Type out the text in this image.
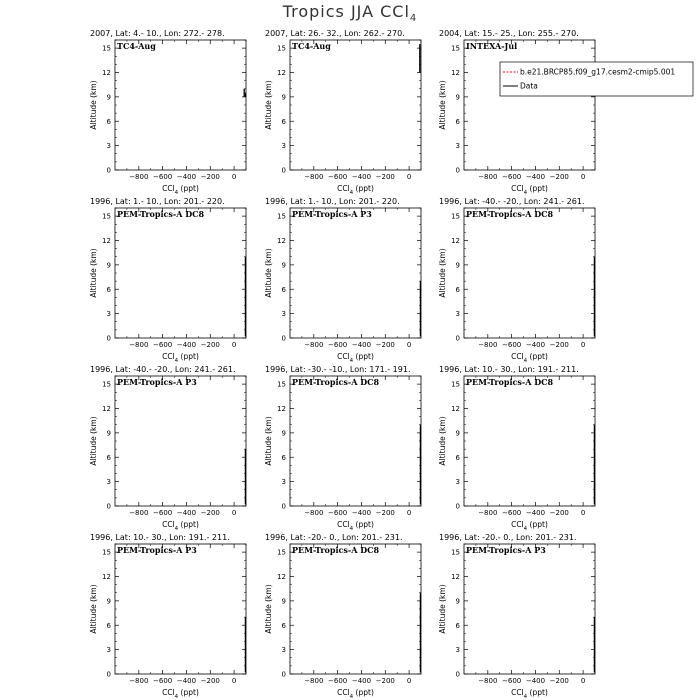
Tropics JJA CCl$_4$
2007, Lat: 4.- 10., Lon: 272.- 278.
TC4-Aug
−800 −600 −400 −200 0
0
3
6
9
12
15
CCl$_4$ (ppt)
Altitude (km)
2007, Lat: 26.- 32., Lon: 262.- 270.
TC4-Aug
−800 −600 −400 −200 0
0
3
6
9
12
15
CCl$_4$ (ppt)
Altitude (km)
2004, Lat: 15.- 25., Lon: 255.- 270.
INTEXA-Jul
−800 −600 −400 −200 0
0
3
6
9
12
15
CCl$_4$ (ppt)
Altitude (km)
b.e21.BRCP85.f09_g17.cesm2-cmip5.001
Data
1996, Lat: 1.- 10., Lon: 201.- 220.
PEM-Tropics-A DC8
−800 −600 −400 −200 0
0
3
6
9
12
15
CCl$_4$ (ppt)
Altitude (km)
1996, Lat: 1.- 10., Lon: 201.- 220.
PEM-Tropics-A P3
−800 −600 −400 −200 0
0
3
6
9
12
15
CCl$_4$ (ppt)
Altitude (km)
1996, Lat: -40.- -20., Lon: 241.- 261.
PEM-Tropics-A DC8
−800 −600 −400 −200 0
0
3
6
9
12
15
CCl$_4$ (ppt)
Altitude (km)
1996, Lat: -40.- -20., Lon: 241.- 261.
PEM-Tropics-A P3
−800 −600 −400 −200 0
0
3
6
9
12
15
CCl$_4$ (ppt)
Altitude (km)
1996, Lat: -30.- -10., Lon: 171.- 191.
PEM-Tropics-A DC8
−800 −600 −400 −200 0
0
3
6
9
12
15
CCl$_4$ (ppt)
Altitude (km)
1996, Lat: 10.- 30., Lon: 191.- 211.
PEM-Tropics-A DC8
−800 −600 −400 −200 0
0
3
6
9
12
15
CCl$_4$ (ppt)
Altitude (km)
1996, Lat: 10.- 30., Lon: 191.- 211.
PEM-Tropics-A P3
−800 −600 −400 −200 0
0
3
6
9
12
15
CCl$_4$ (ppt)
Altitude (km)
1996, Lat: -20.- 0., Lon: 201.- 231.
PEM-Tropics-A DC8
−800 −600 −400 −200 0
0
3
6
9
12
15
CCl$_4$ (ppt)
Altitude (km)
1996, Lat: -20.- 0., Lon: 201.- 231.
PEM-Tropics-A P3
−800 −600 −400 −200 0
0
3
6
9
12
15
CCl$_4$ (ppt)
Altitude (km)
